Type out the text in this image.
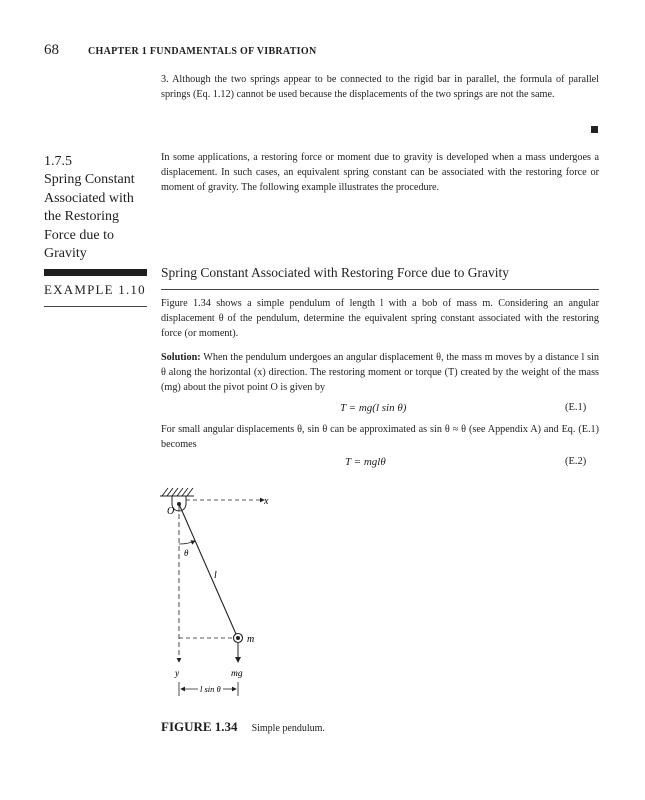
68	CHAPTER 1 FUNDAMENTALS OF VIBRATION

3. Although the two springs appear to be connected to the rigid bar in parallel, the formula of parallel springs (Eq. 1.12) cannot be used because the displacements of the two springs are not the same.

1.7.5
Spring Constant Associated with the Restoring Force due to Gravity

In some applications, a restoring force or moment due to gravity is developed when a mass undergoes a displacement. In such cases, an equivalent spring constant can be associated with the restoring force or moment of gravity. The following example illustrates the procedure.

EXAMPLE 1.10
Spring Constant Associated with Restoring Force due to Gravity

Figure 1.34 shows a simple pendulum of length l with a bob of mass m. Considering an angular displacement θ of the pendulum, determine the equivalent spring constant associated with the restoring force (or moment).

Solution: When the pendulum undergoes an angular displacement θ, the mass m moves by a distance l sin θ along the horizontal (x) direction. The restoring moment or torque (T) created by the weight of the mass (mg) about the pivot point O is given by

T = mg(l sin θ)	(E.1)

For small angular displacements θ, sin θ can be approximated as sin θ ≈ θ (see Appendix A) and Eq. (E.1) becomes

T = mglθ	(E.2)
x
O
θ
l
m
y	mg
l sin θ
FIGURE 1.34 Simple pendulum.
